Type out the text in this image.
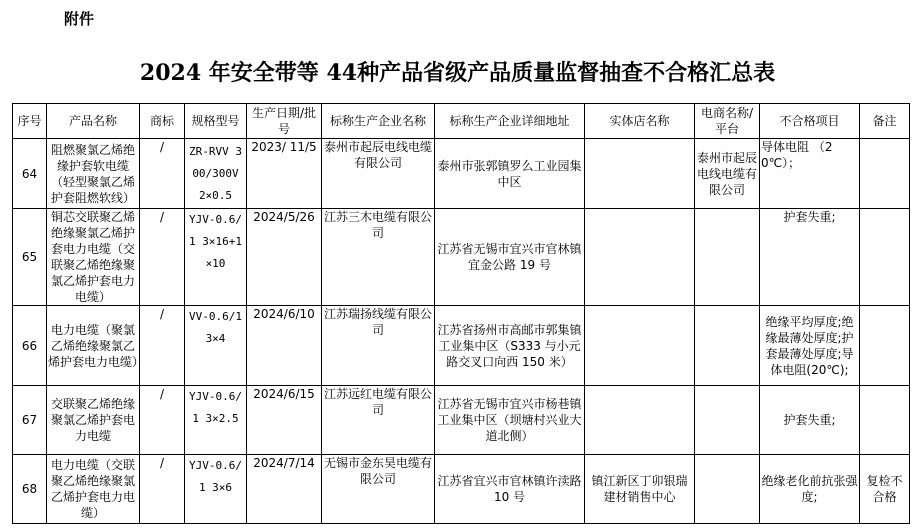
附件
2024 年安全带等 44种产品省级产品质量监督抽查不合格汇总表
序号	产品名称	商标	规格型号	生产日期/批号	标称生产企业名称	标称生产企业详细地址	实体店名称	电商名称/平台	不合格项目	备注
64	阻燃聚氯乙烯绝缘护套软电缆（轻型聚氯乙烯护套阻燃软线）	/	ZR-RVV 300/300V 2×0.5	2023/ 11/5	泰州市起辰电线电缆有限公司	泰州市张郭镇罗么工业园集中区		泰州市起辰电线电缆有限公司	导体电阻 （20℃）；	
65	铜芯交联聚乙烯绝缘聚氯乙烯护套电力电缆（交联聚乙烯绝缘聚氯乙烯护套电力电缆）	/	YJV-0.6/1 3×16+1×10	2024/5/26	江苏三木电缆有限公司	江苏省无锡市宜兴市官林镇宜金公路 19 号			护套失重;	
66	电力电缆（聚氯乙烯绝缘聚氯乙烯护套电力电缆）	/	VV-0.6/1 3×4	2024/6/10	江苏瑞扬线缆有限公司	江苏省扬州市高邮市郭集镇工业集中区（S333 与小元路交叉口向西 150 米）			绝缘平均厚度;绝缘最薄处厚度;护套最薄处厚度;导体电阻(20℃);	
67	交联聚乙烯绝缘聚氯乙烯护套电力电缆	/	YJV-0.6/1 3×2.5	2024/6/15	江苏远红电缆有限公司	江苏省无锡市宜兴市杨巷镇工业集中区（坝塘村兴业大道北侧）			护套失重;	
68	电力电缆（交联聚乙烯绝缘聚氯乙烯护套电力电缆）	/	YJV-0.6/1 3×6	2024/7/14	无锡市金东昊电缆有限公司	江苏省宜兴市官林镇许渎路 10 号	镇江新区丁卯银瑞建材销售中心		绝缘老化前抗张强度;	复检不合格
